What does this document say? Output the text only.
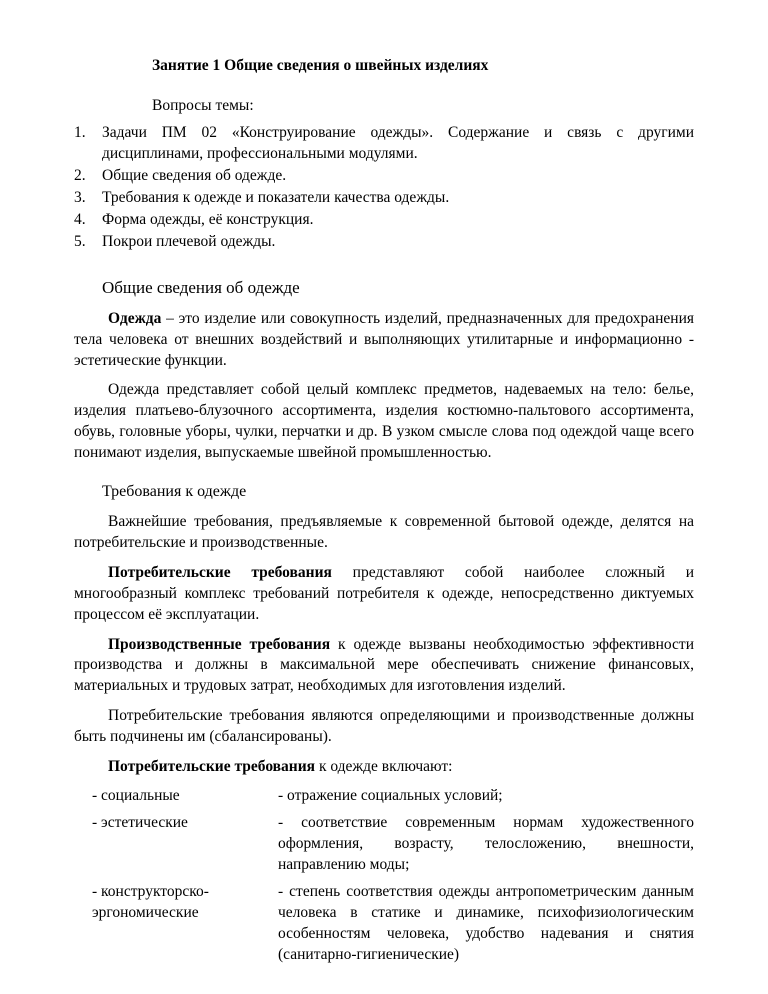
Занятие 1 Общие сведения о швейных изделиях
Вопросы темы:
1. Задачи ПМ 02 «Конструирование одежды». Содержание и связь с другими дисциплинами, профессиональными модулями.
2. Общие сведения об одежде.
3. Требования к одежде и показатели качества одежды.
4. Форма одежды, её конструкция.
5. Покрои плечевой одежды.
Общие сведения об одежде

Одежда – это изделие или совокупность изделий, предназначенных для предохранения тела человека от внешних воздействий и выполняющих утилитарные и информационно - эстетические функции.

Одежда представляет собой целый комплекс предметов, надеваемых на тело: белье, изделия платьево-блузочного ассортимента, изделия костюмно-пальтового ассортимента, обувь, головные уборы, чулки, перчатки и др. В узком смысле слова под одеждой чаще всего понимают изделия, выпускаемые швейной промышленностью.

Требования к одежде

Важнейшие требования, предъявляемые к современной бытовой одежде, делятся на потребительские и производственные.

Потребительские требования представляют собой наиболее сложный и многообразный комплекс требований потребителя к одежде, непосредственно диктуемых процессом её эксплуатации.

Производственные требования к одежде вызваны необходимостью эффективности производства и должны в максимальной мере обеспечивать снижение финансовых, материальных и трудовых затрат, необходимых для изготовления изделий.

Потребительские требования являются определяющими и производственные должны быть подчинены им (сбалансированы).

Потребительские требования к одежде включают:

- социальные	- отражение социальных условий;
- эстетические	- соответствие современным нормам художественного оформления, возрасту, телосложению, внешности, направлению моды;

- конструкторско-
эргономические	- степень соответствия одежды антропометрическим данным человека в статике и динамике, психофизиологическим особенностям человека, удобство надевания и снятия (санитарно-гигиенические)
